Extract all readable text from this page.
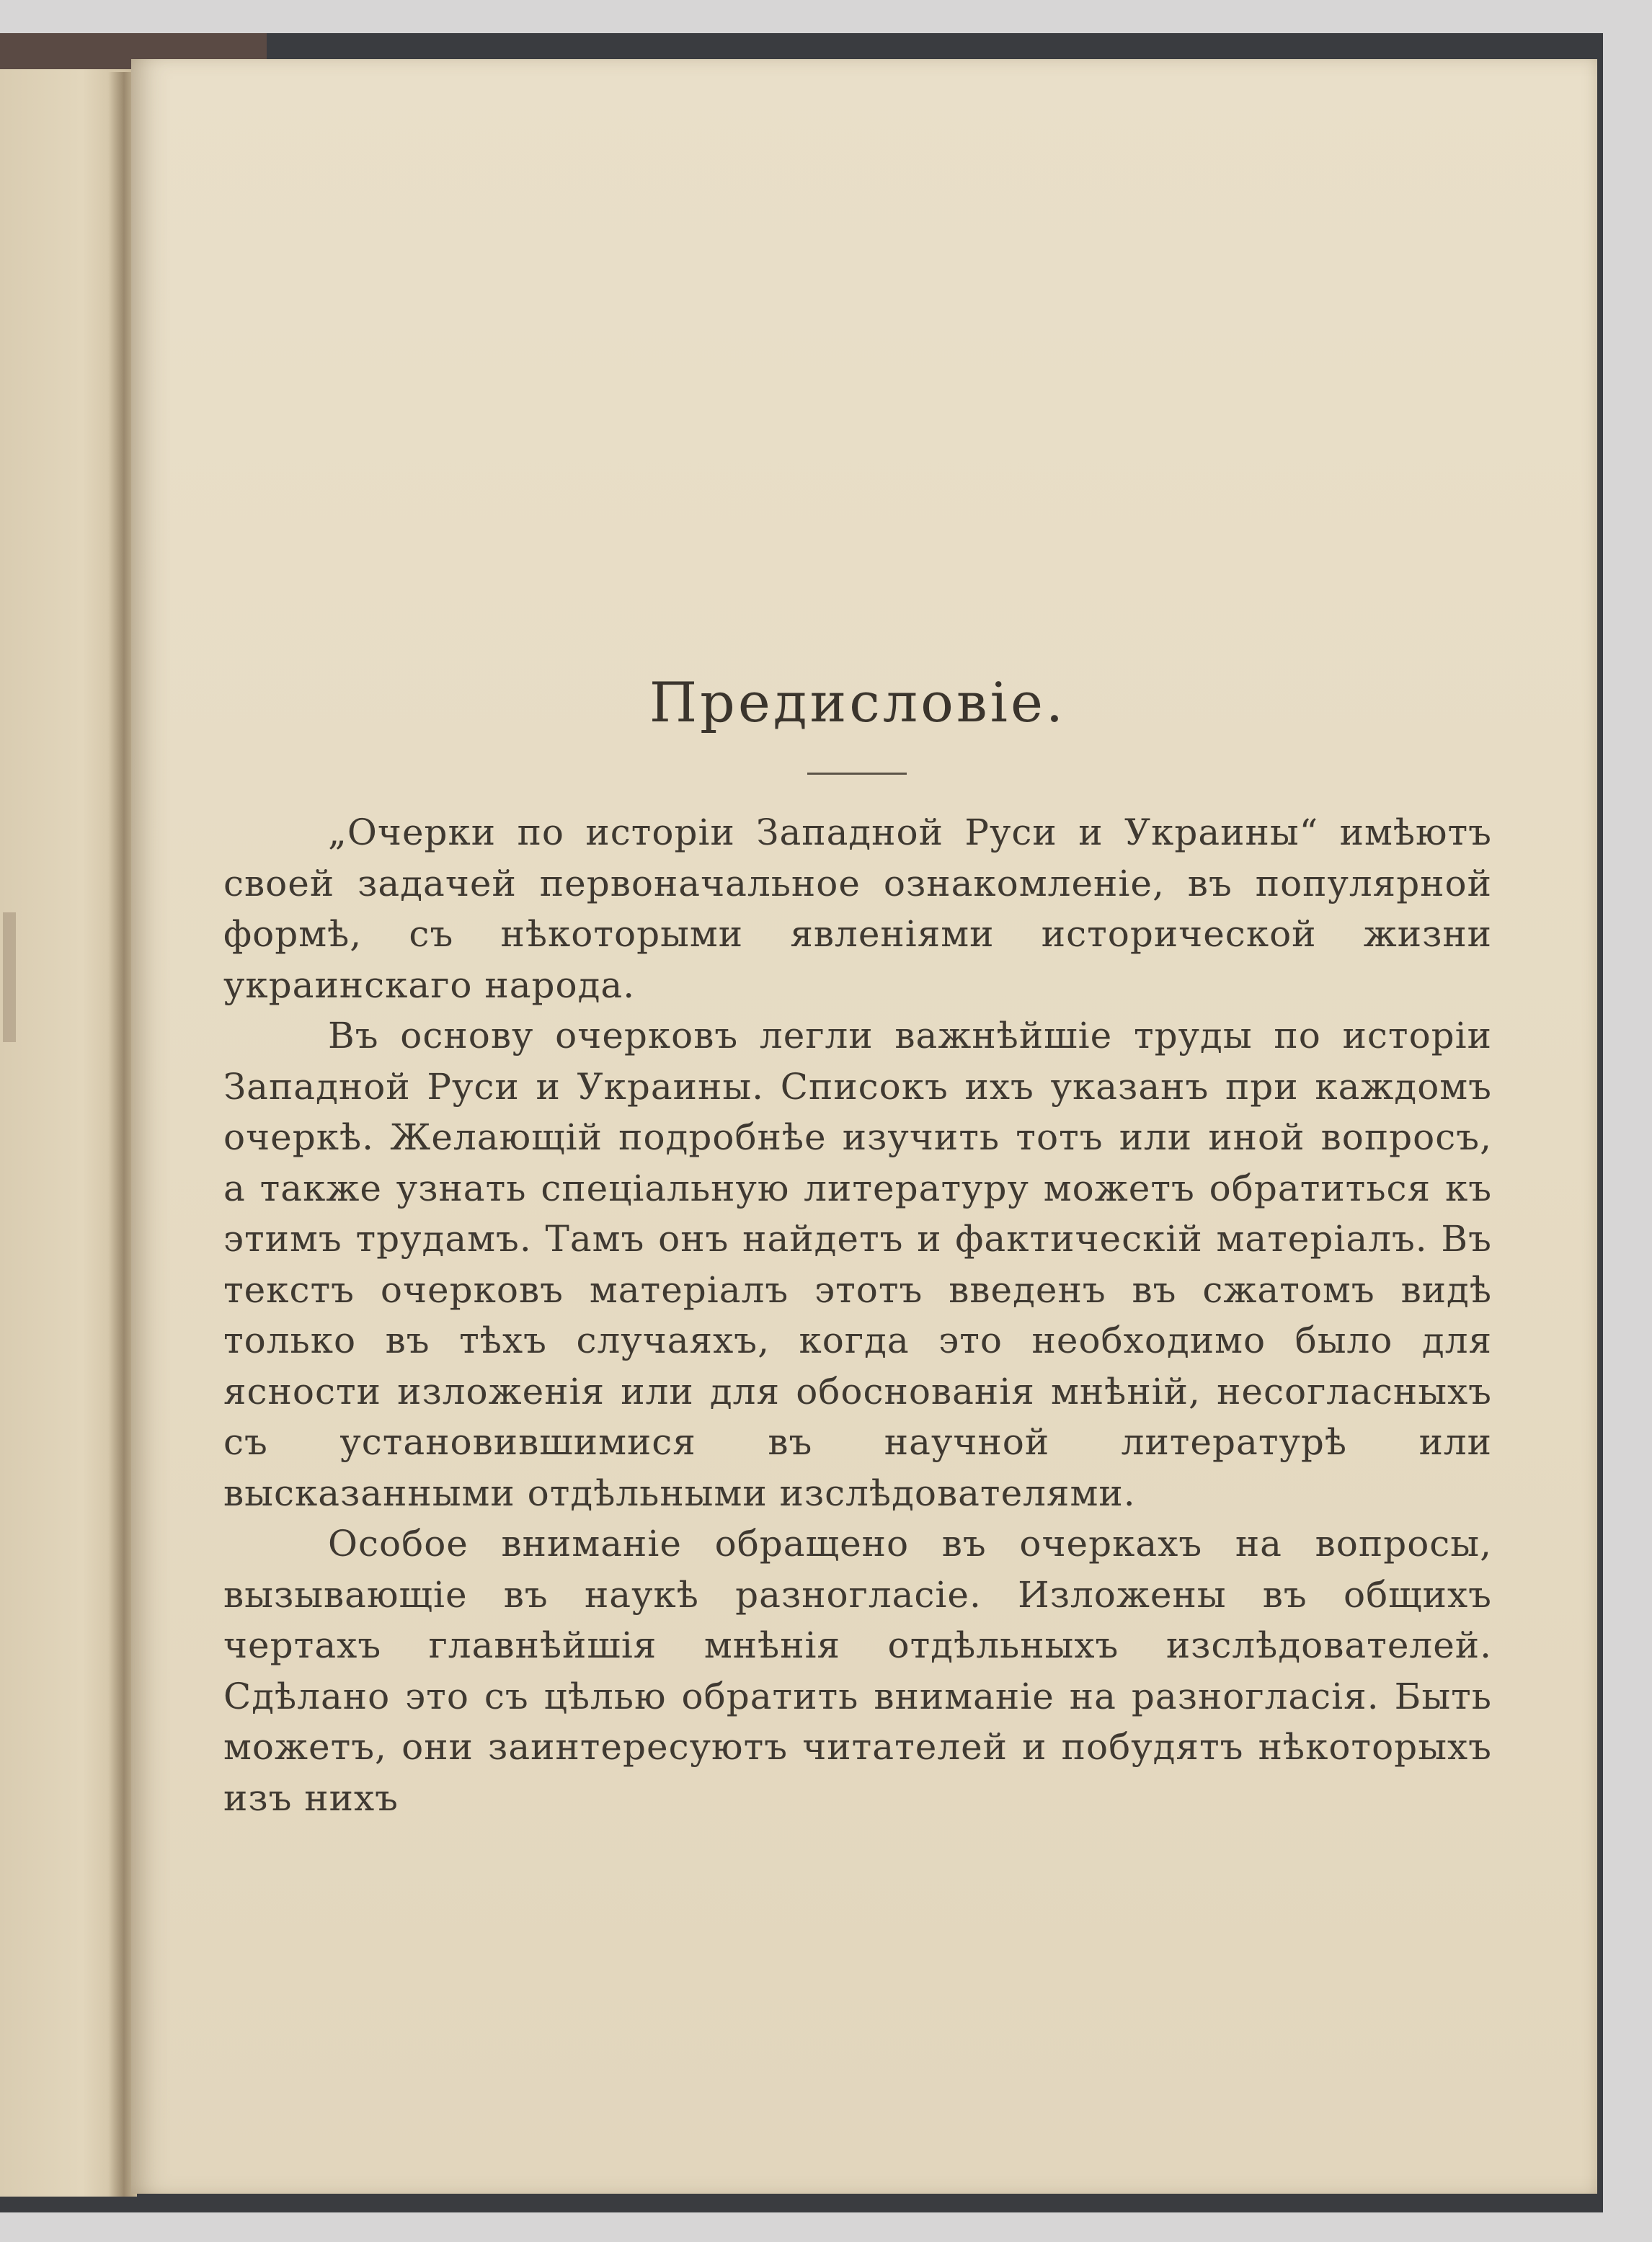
Предисловіе.

„Очерки по исторіи Западной Руси и Украины“ имѣютъ своей задачей первоначальное ознакомленіе, въ популярной формѣ, съ нѣкоторыми явленіями исторической жизни украинскаго народа.

Въ основу очерковъ легли важнѣйшіе труды по исторіи Западной Руси и Украины. Списокъ ихъ указанъ при каждомъ очеркѣ. Желающій подробнѣе изучить тотъ или иной вопросъ, а также узнать спеціальную литературу можетъ обратиться къ этимъ трудамъ. Тамъ онъ найдетъ и фактическій матеріалъ. Въ текстъ очерковъ матеріалъ этотъ введенъ въ сжатомъ видѣ только въ тѣхъ случаяхъ, когда это необходимо было для ясности изложенія или для обоснованія мнѣній, несогласныхъ съ установившимися въ научной литературѣ или высказанными отдѣльными изслѣдователями.

Особое вниманіе обращено въ очеркахъ на вопросы, вызывающіе въ наукѣ разногласіе. Изложены въ общихъ чертахъ главнѣйшія мнѣнія отдѣльныхъ изслѣдователей. Сдѣлано это съ цѣлью обратить вниманіе на разногласія. Быть можетъ, они заинтересуютъ читателей и побудятъ нѣкоторыхъ изъ нихъ
